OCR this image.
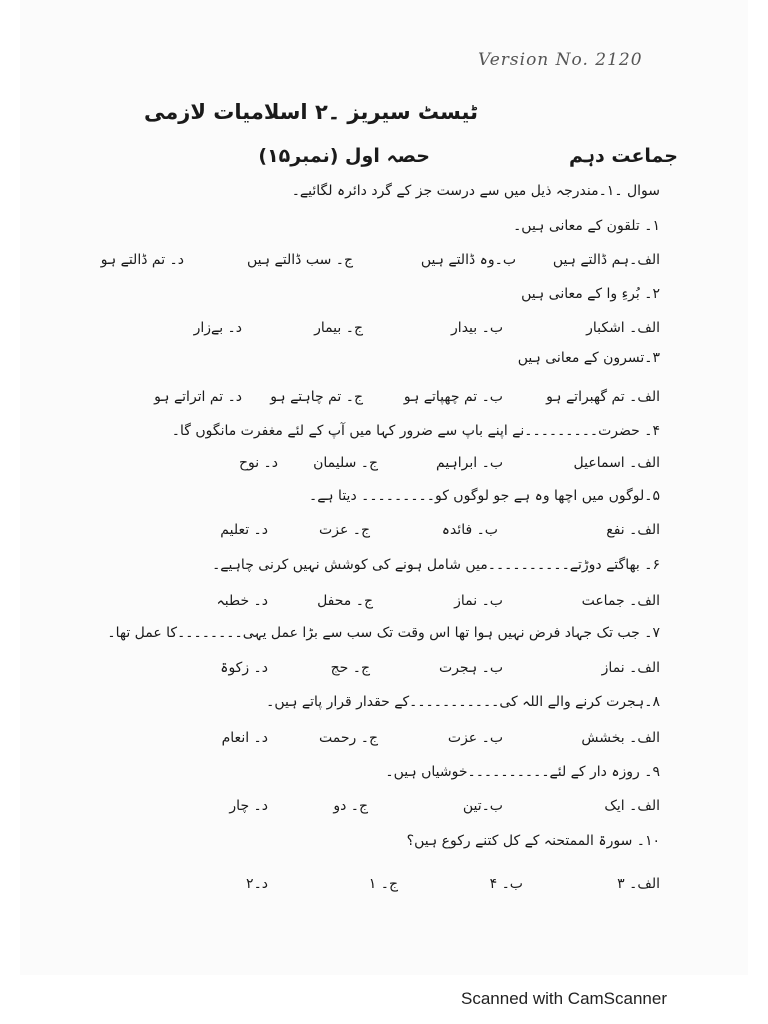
Version No. 2120
ٹیسٹ سیریز ۔۲ اسلامیات لازمی
جماعت دہم
حصہ اول (نمبر۱۵)
سوال ۔۱۔مندرجہ ذیل میں سے درست جز کے گرد دائرہ لگائیے۔
۱۔ تلقون کے معانی ہیں۔
الف۔ہم ڈالتے ہیں
ب۔وہ ڈالتے ہیں
ج۔ سب ڈالتے ہیں
د۔ تم ڈالتے ہو
۲۔ بُرءِ وا کے معانی ہیں
الف۔ اشکبار
ب۔ بیدار
ج۔ بیمار
د۔ بےزار
۳۔تسرون کے معانی ہیں
الف۔ تم گھبراتے ہو
ب۔ تم چھپاتے ہو
ج۔ تم چاہتے ہو
د۔ تم اتراتے ہو
۴۔ حضرت۔۔۔۔۔۔۔۔۔نے اپنے باپ سے ضرور کہا میں آپ کے لئے مغفرت مانگوں گا۔
الف۔ اسماعیل
ب۔ ابراہیم
ج۔ سلیمان
د۔ نوح
۵۔لوگوں میں اچھا وہ ہے جو لوگوں کو۔۔۔۔۔۔۔۔۔ دیتا ہے۔
الف۔ نفع
ب۔ فائدہ
ج۔ عزت
د۔ تعلیم
۶۔ بھاگتے دوڑتے۔۔۔۔۔۔۔۔۔۔میں شامل ہونے کی کوشش نہیں کرنی چاہیے۔
الف۔ جماعت
ب۔ نماز
ج۔ محفل
د۔ خطبہ
۷۔ جب تک جہاد فرض نہیں ہوا تھا اس وقت تک سب سے بڑا عمل یہی۔۔۔۔۔۔۔۔کا عمل تھا۔
الف۔ نماز
ب۔ ہجرت
ج۔ حج
د۔ زکوۃ
۸۔ہجرت کرنے والے اللہ کی۔۔۔۔۔۔۔۔۔۔۔کے حقدار قرار پاتے ہیں۔
الف۔ بخشش
ب۔ عزت
ج۔ رحمت
د۔ انعام
۹۔ روزہ دار کے لئے۔۔۔۔۔۔۔۔۔۔خوشیاں ہیں۔
الف۔ ایک
ب۔تین
ج۔ دو
د۔ چار
۱۰۔ سورۃ الممتحنہ کے کل کتنے رکوع ہیں؟
الف۔ ۳
ب۔ ۴
ج۔ ۱
د۔۲
Scanned with CamScanner
